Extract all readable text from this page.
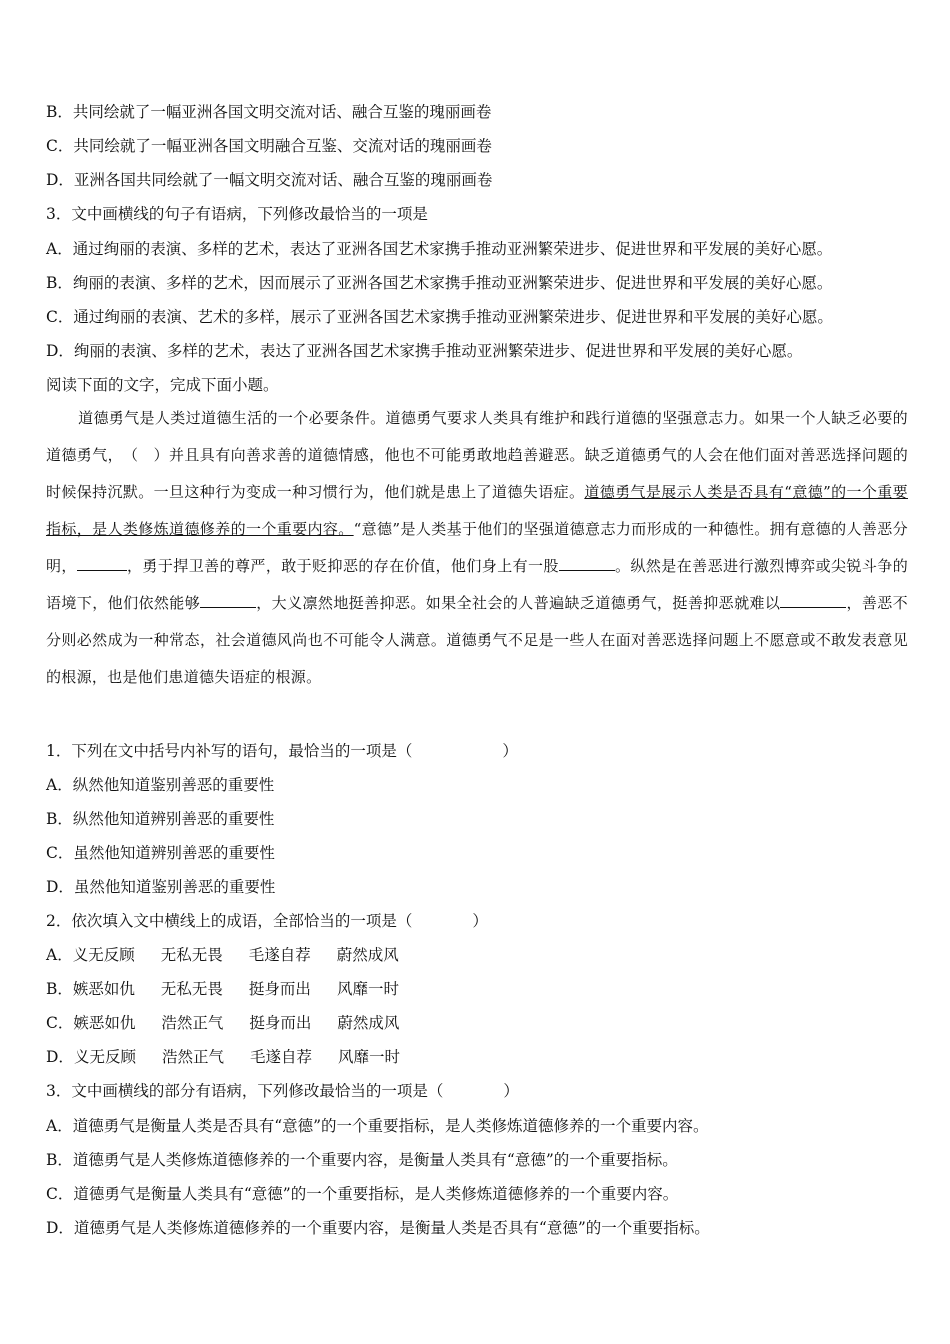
B．共同绘就了一幅亚洲各国文明交流对话、融合互鉴的瑰丽画卷
C．共同绘就了一幅亚洲各国文明融合互鉴、交流对话的瑰丽画卷
D．亚洲各国共同绘就了一幅文明交流对话、融合互鉴的瑰丽画卷
3．文中画横线的句子有语病，下列修改最恰当的一项是
A．通过绚丽的表演、多样的艺术，表达了亚洲各国艺术家携手推动亚洲繁荣进步、促进世界和平发展的美好心愿。
B．绚丽的表演、多样的艺术，因而展示了亚洲各国艺术家携手推动亚洲繁荣进步、促进世界和平发展的美好心愿。
C．通过绚丽的表演、艺术的多样，展示了亚洲各国艺术家携手推动亚洲繁荣进步、促进世界和平发展的美好心愿。
D．绚丽的表演、多样的艺术，表达了亚洲各国艺术家携手推动亚洲繁荣进步、促进世界和平发展的美好心愿。
阅读下面的文字，完成下面小题。
道德勇气是人类过道德生活的一个必要条件。道德勇气要求人类具有维护和践行道德的坚强意志力。如果一个人缺乏必要的道德勇气，（　）并且具有向善求善的道德情感，他也不可能勇敢地趋善避恶。缺乏道德勇气的人会在他们面对善恶选择问题的时候保持沉默。一旦这种行为变成一种习惯行为，他们就是患上了道德失语症。道德勇气是展示人类是否具有“意德”的一个重要指标，是人类修炼道德修养的一个重要内容。“意德”是人类基于他们的坚强道德意志力而形成的一种德性。拥有意德的人善恶分明，	，勇于捍卫善的尊严，敢于贬抑恶的存在价值，他们身上有一股	。纵然是在善恶进行激烈博弈或尖锐斗争的语境下，他们依然能够	，大义凛然地挺善抑恶。如果全社会的人普遍缺乏道德勇气，挺善抑恶就难以	，善恶不分则必然成为一种常态，社会道德风尚也不可能令人满意。道德勇气不足是一些人在面对善恶选择问题上不愿意或不敢发表意见的根源，也是他们患道德失语症的根源。
1．下列在文中括号内补写的语句，最恰当的一项是（	）
A．纵然他知道鉴别善恶的重要性
B．纵然他知道辨别善恶的重要性
C．虽然他知道辨别善恶的重要性
D．虽然他知道鉴别善恶的重要性
2．依次填入文中横线上的成语，全部恰当的一项是（	）
A．义无反顾 无私无畏 毛遂自荐 蔚然成风
B．嫉恶如仇 无私无畏 挺身而出 风靡一时
C．嫉恶如仇 浩然正气 挺身而出 蔚然成风
D．义无反顾 浩然正气 毛遂自荐 风靡一时
3．文中画横线的部分有语病，下列修改最恰当的一项是（	）
A．道德勇气是衡量人类是否具有“意德”的一个重要指标，是人类修炼道德修养的一个重要内容。
B．道德勇气是人类修炼道德修养的一个重要内容，是衡量人类具有“意德”的一个重要指标。
C．道德勇气是衡量人类具有“意德”的一个重要指标，是人类修炼道德修养的一个重要内容。
D．道德勇气是人类修炼道德修养的一个重要内容，是衡量人类是否具有“意德”的一个重要指标。
